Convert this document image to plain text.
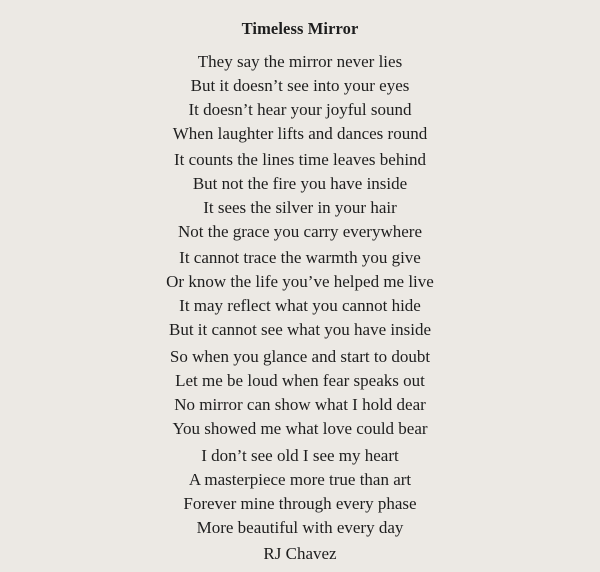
Timeless Mirror
They say the mirror never lies
But it doesn’t see into your eyes
It doesn’t hear your joyful sound
When laughter lifts and dances round
It counts the lines time leaves behind
But not the fire you have inside
It sees the silver in your hair
Not the grace you carry everywhere
It cannot trace the warmth you give
Or know the life you’ve helped me live
It may reflect what you cannot hide
But it cannot see what you have inside
So when you glance and start to doubt
Let me be loud when fear speaks out
No mirror can show what I hold dear
You showed me what love could bear
I don’t see old I see my heart
A masterpiece more true than art
Forever mine through every phase
More beautiful with every day
RJ Chavez
